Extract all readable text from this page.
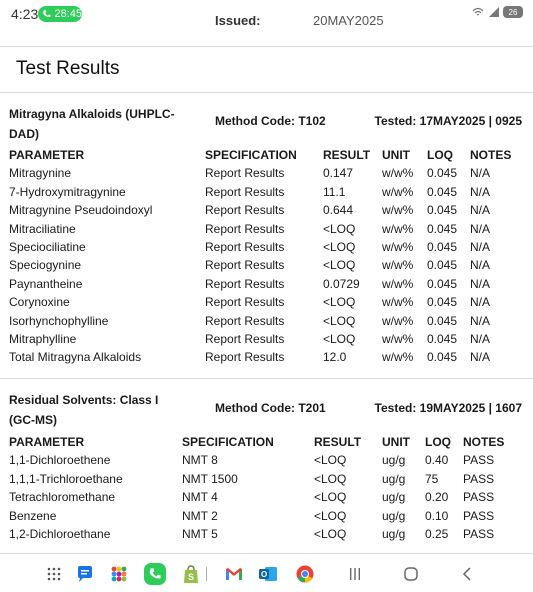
4:23 28:45	26
Issued:	20MAY2025
Test Results
Mitragyna Alkaloids (UHPLC-DAD)
Method Code: T102	Tested: 17MAY2025 | 0925
PARAMETER	SPECIFICATION RESULT UNIT LOQ NOTES
Mitragynine	Report Results	0.147 w/w% 0.045 N/A
7-Hydroxymitragynine	Report Results	11.1	w/w% 0.045 N/A
Mitragynine Pseudoindoxyl	Report Results	0.644 w/w% 0.045 N/A
Mitraciliatine	Report Results	<LOQ w/w% 0.045 N/A
Speciociliatine	Report Results	<LOQ w/w% 0.045 N/A
Speciogynine	Report Results	<LOQ w/w% 0.045 N/A
Paynantheine	Report Results	0.0729 w/w% 0.045 N/A
Corynoxine	Report Results	<LOQ w/w% 0.045 N/A
Isorhynchophylline	Report Results	<LOQ w/w% 0.045 N/A
Mitraphylline	Report Results	<LOQ w/w% 0.045 N/A
Total Mitragyna Alkaloids	Report Results	12.0	w/w% 0.045 N/A
Residual Solvents: Class I (GC-MS)
Method Code: T201	Tested: 19MAY2025 | 1607
PARAMETER	SPECIFICATION	RESULT UNIT LOQ NOTES
1,1-Dichloroethene	NMT 8	<LOQ	ug/g 0.40 PASS
1,1,1-Trichloroethane	NMT 1500	<LOQ	ug/g 75 PASS
Tetrachloromethane	NMT 4	<LOQ	ug/g 0.20 PASS
Benzene	NMT 2	<LOQ	ug/g 0.10 PASS
1,2-Dichloroethane	NMT 5	<LOQ	ug/g 0.25 PASS
S	O
